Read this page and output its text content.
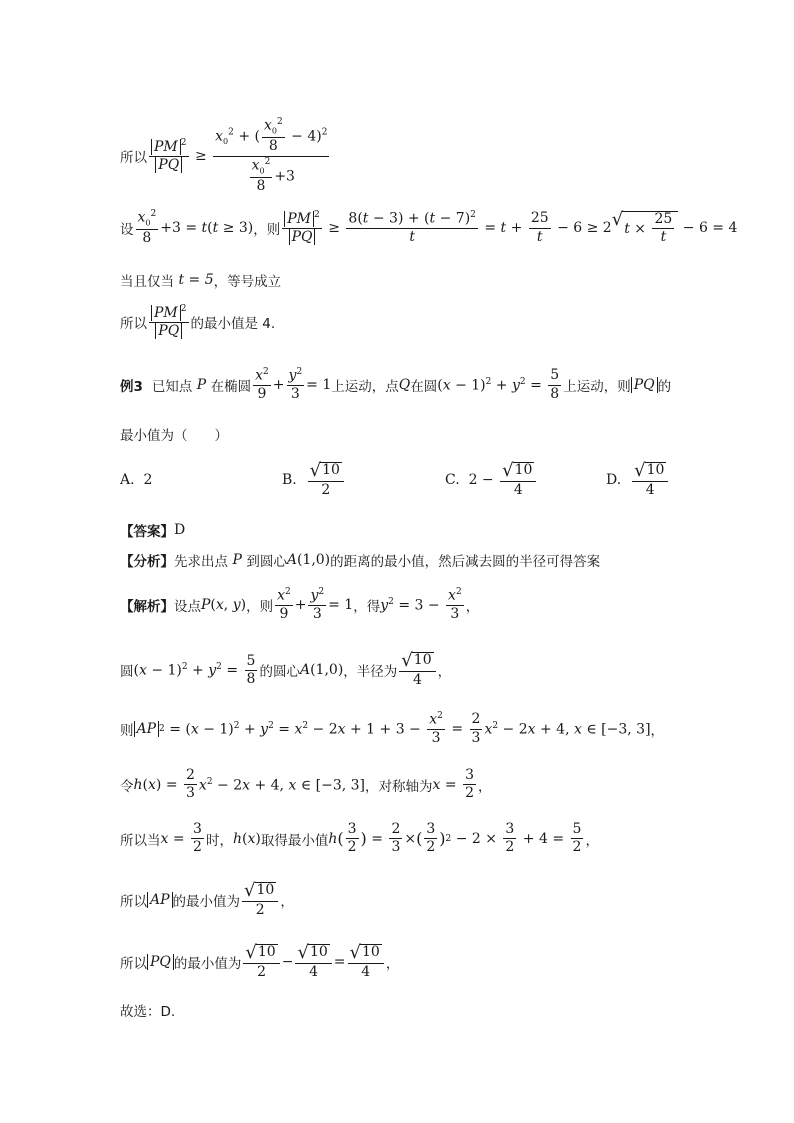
所以 $\frac{PM ^2}{PQ} \ge \frac{x_0^2 + ( \frac{x_0^2}{8} - 4)^2}{\frac{x_0^2}{8} +3}$
设 $\frac{x_0^2}{8} +3 = t(t \ge 3)$ ，则 $\frac{PM ^2}{PQ} \ge \frac{8(t - 3) + (t - 7)^2}{t} = t + \frac{25}{t} - 6 \ge 2$ √ $t \times \frac{25}{t} - 6 = 4$
当且仅当
t = 5 ，等号成立
所以 $\frac{PM ^2}{PQ}$ 的最小值是 4.
例3
已知点 P 在椭圆 $\frac{x^2}{9} + \frac{y^2}{3} = 1$ 上运动，点 Q 在圆 $(x - 1)^2 + y^2 = \frac{5}{8}$ 上运动，则 PQ 的
最小值为（　　）
A.
2	B.
$\frac{√ 10}{2}$	C. $2 - \frac{√ 10}{4}$	D.
$\frac{√ 10}{4}$
【答案】 D
【分析】 先求出点 P 到圆心 A(1,0) 的距离的最小值，然后减去圆的半径可得答案
【解析】 设点 P(x, y) ，则 $\frac{x^2}{9} + \frac{y^2}{3} = 1$ ，得 $y^2 = 3 - \frac{x^2}{3}$ ，
圆 $(x - 1)^2 + y^2 = \frac{5}{8}$ 的圆心 A(1,0) ，半径为 $\frac{√ 10}{4}$ ，
则 AP $2 = (x - 1)^2 + y^2 = x^2 - 2x + 1 + 3 - \frac{x^2}{3} = \frac{2}{3} x^2 - 2x + 4$, x ∈ [−3, 3] ，
令 $h(x) = \frac{2}{3} x^2 - 2x + 4$, x ∈ [−3, 3] ，对称轴为 $x = \frac{3}{2}$ ，
所以当 $x = \frac{3}{2}$ 时， h(x) 取得最小值 h ( $\frac{3}{2}$ ) = $\frac{2}{3}$ × ( $\frac{3}{2}$ ) $2 - 2 \times \frac{3}{2} + 4 = \frac{5}{2}$ ，
所以 AP 的最小值为 $\frac{√ 10}{2}$ ，
所以 PQ 的最小值为 $\frac{√ 10}{2} - \frac{√ 10}{4} = \frac{√ 10}{4}$ ，
故选：D.
